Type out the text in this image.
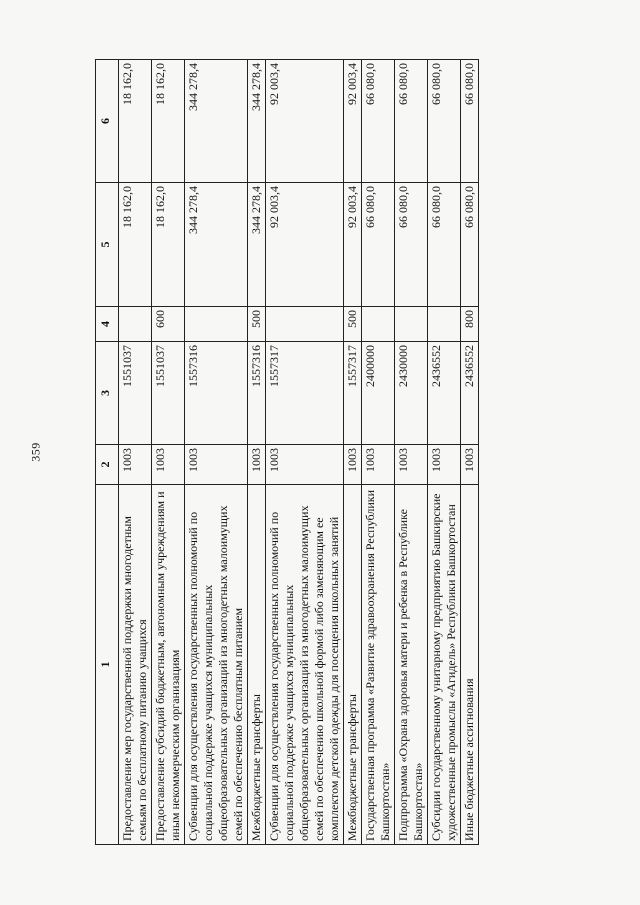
359
1	2	3	4	5	6
Предоставление мер государственной поддержки многодетным семьям по бесплатному питанию учащихся	1003	1551037		18 162,0	18 162,0
Предоставление субсидий бюджетным, автономным учреждениям и иным некоммерческим организациям	1003	1551037	600	18 162,0	18 162,0
Субвенции для осуществления государственных полномочий по социальной поддержке учащихся муниципальных общеобразовательных организаций из многодетных малоимущих семей по обеспечению бесплатным питанием	1003	1557316		344 278,4	344 278,4
Межбюджетные трансферты	1003	1557316	500	344 278,4	344 278,4
Субвенции для осуществления государственных полномочий по социальной поддержке учащихся муниципальных общеобразовательных организаций из многодетных малоимущих семей по обеспечению школьной формой либо заменяющим ее комплектом детской одежды для посещения школьных занятий	1003	1557317		92 003,4	92 003,4
Межбюджетные трансферты	1003	1557317	500	92 003,4	92 003,4
Государственная программа «Развитие здравоохранения Республики Башкортостан»	1003	2400000		66 080,0	66 080,0
Подпрограмма «Охрана здоровья матери и ребенка в Республике Башкортостан»	1003	2430000		66 080,0	66 080,0
Субсидии государственному унитарному предприятию Башкирские художественные промыслы «Агидель» Республики Башкортостан	1003	2436552		66 080,0	66 080,0
Иные бюджетные ассигнования	1003	2436552	800	66 080,0	66 080,0
